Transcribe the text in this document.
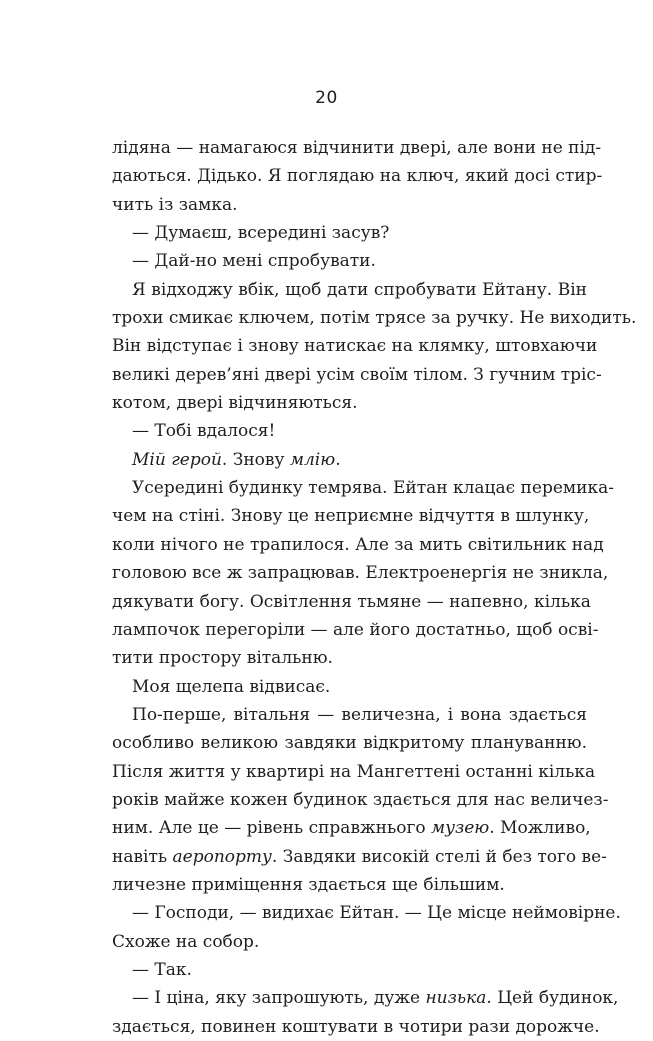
20
лідяна — намагаюся відчинити двері, але вони не під-
даються. Дідько. Я поглядаю на ключ, який досі стир-
чить із замка.
— Думаєш, всередині засув?
— Дай-но мені спробувати.
Я відходжу вбік, щоб дати спробувати Ейтану. Він
трохи смикає ключем, потім трясе за ручку. Не виходить.
Він відступає і знову натискає на клямку, штовхаючи
великі дерев’яні двері усім своїм тілом. З гучним тріс-
котом, двері відчиняються.
— Тобі вдалося!
Мій герой. Знову млію.
Усередині будинку темрява. Ейтан клацає перемика-
чем на стіні. Знову це неприємне відчуття в шлунку,
коли нічого не трапилося. Але за мить світильник над
головою все ж запрацював. Електроенергія не зникла,
дякувати богу. Освітлення тьмяне — напевно, кілька
лампочок перегоріли — але його достатньо, щоб осві-
тити простору вітальню.
Моя щелепа відвисає.
По-перше, вітальня — величезна, і вона здається
особливо великою завдяки відкритому плануванню.
Після життя у квартирі на Мангеттені останні кілька
років майже кожен будинок здається для нас величез-
ним. Але це — рівень справжнього музею. Можливо,
навіть аеропорту. Завдяки високій стелі й без того ве-
личезне приміщення здається ще більшим.
— Господи, — видихає Ейтан. — Це місце неймовірне.
Схоже на собор.
— Так.
— І ціна, яку запрошують, дуже низька. Цей будинок,
здається, повинен коштувати в чотири рази дорожче.
